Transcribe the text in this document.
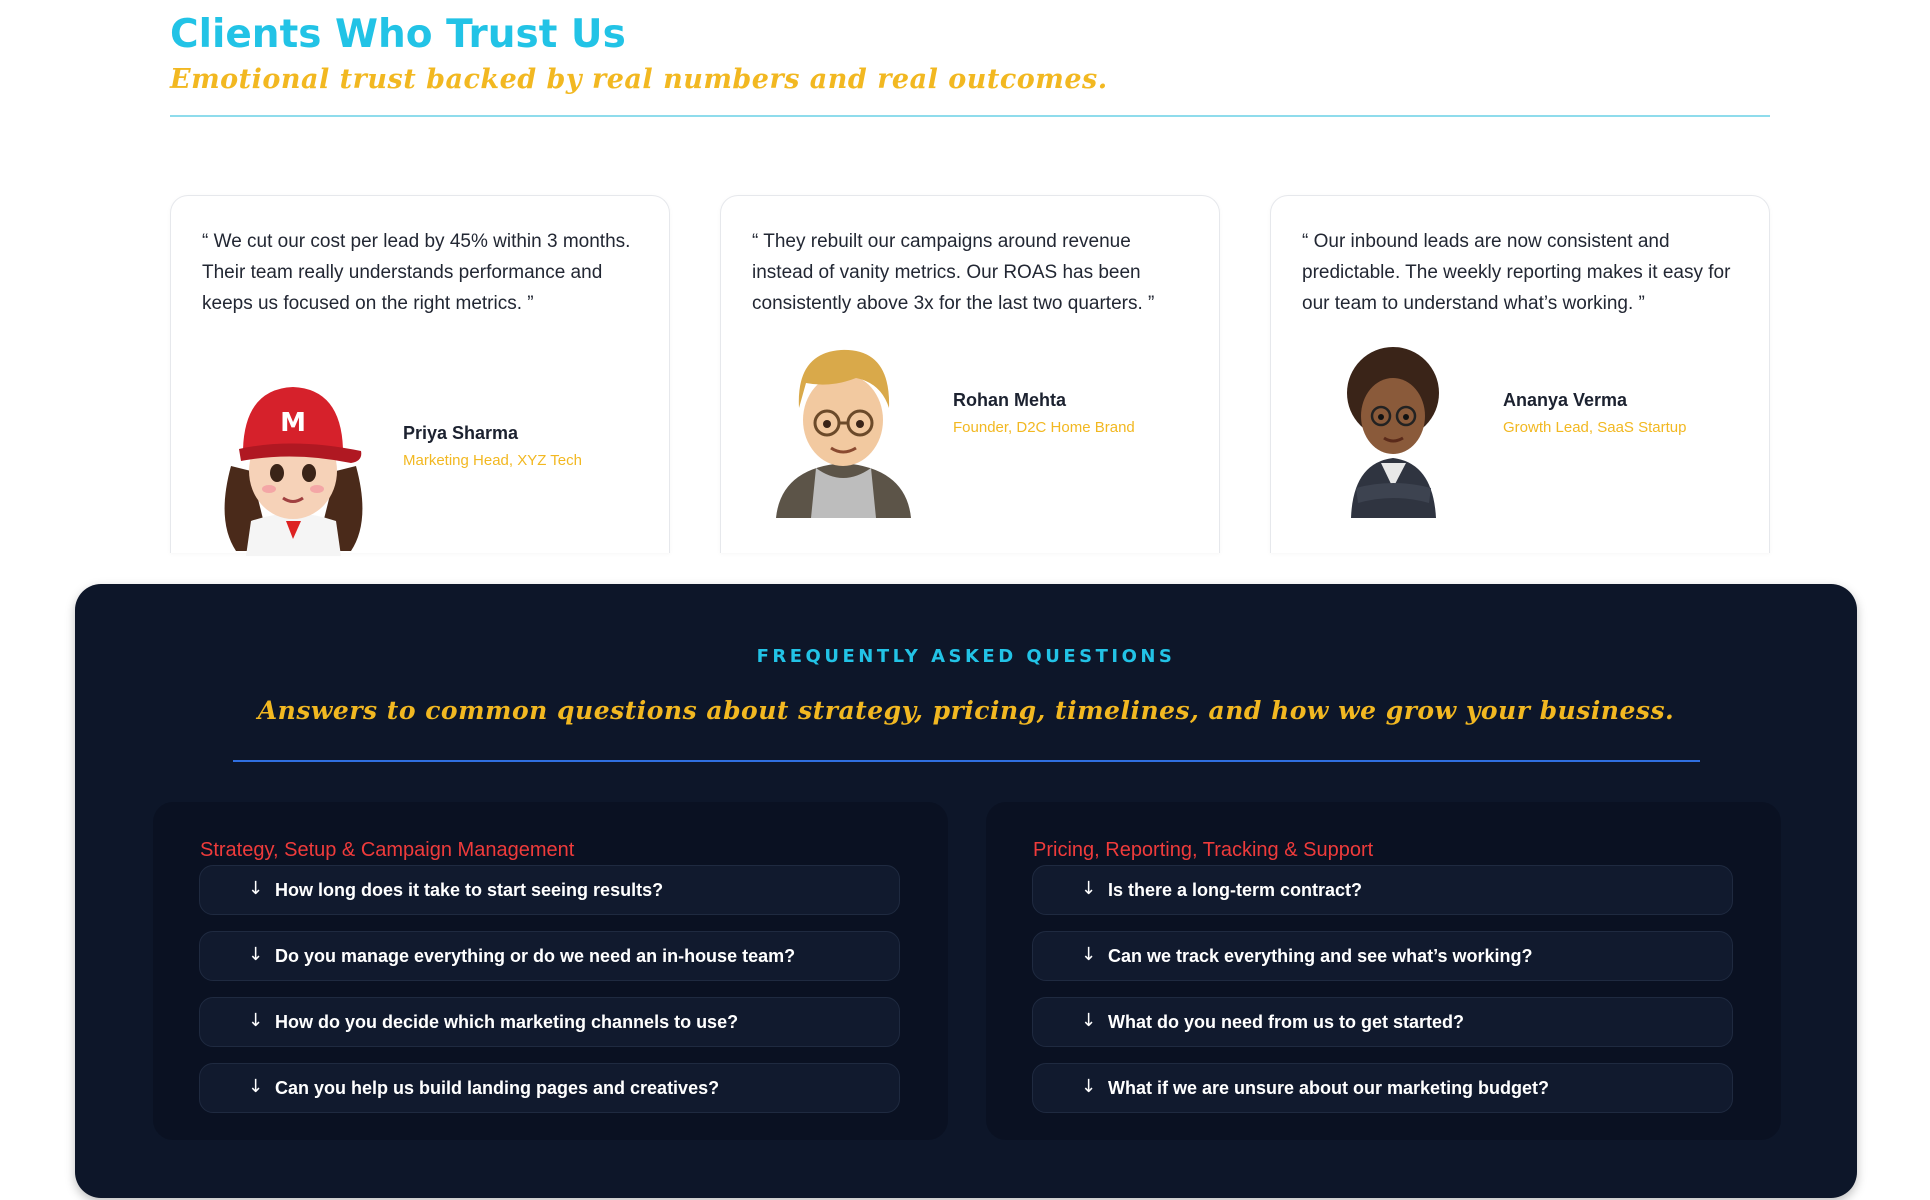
Clients Who Trust Us
Emotional trust backed by real numbers and real outcomes.

“ We cut our cost per lead by 45% within 3 months. Their team really understands performance and keeps us focused on the right metrics. ”

M	Priya Sharma
Marketing Head, XYZ Tech

“ They rebuilt our campaigns around revenue instead of vanity metrics. Our ROAS has been consistently above 3x for the last two quarters. ”

Rohan Mehta
Founder, D2C Home Brand

“ Our inbound leads are now consistent and predictable. The weekly reporting makes it easy for our team to understand what’s working. ”

Ananya Verma
Growth Lead, SaaS Startup
FREQUENTLY ASKED QUESTIONS
Answers to common questions about strategy, pricing, timelines, and how we grow your business.
Strategy, Setup & Campaign Management
↓ How long does it take to start seeing results?
↓ Do you manage everything or do we need an in-house team?
↓ How do you decide which marketing channels to use?
↓ Can you help us build landing pages and creatives?
Pricing, Reporting, Tracking & Support
↓ Is there a long-term contract?
↓ Can we track everything and see what’s working?
↓ What do you need from us to get started?
↓ What if we are unsure about our marketing budget?
